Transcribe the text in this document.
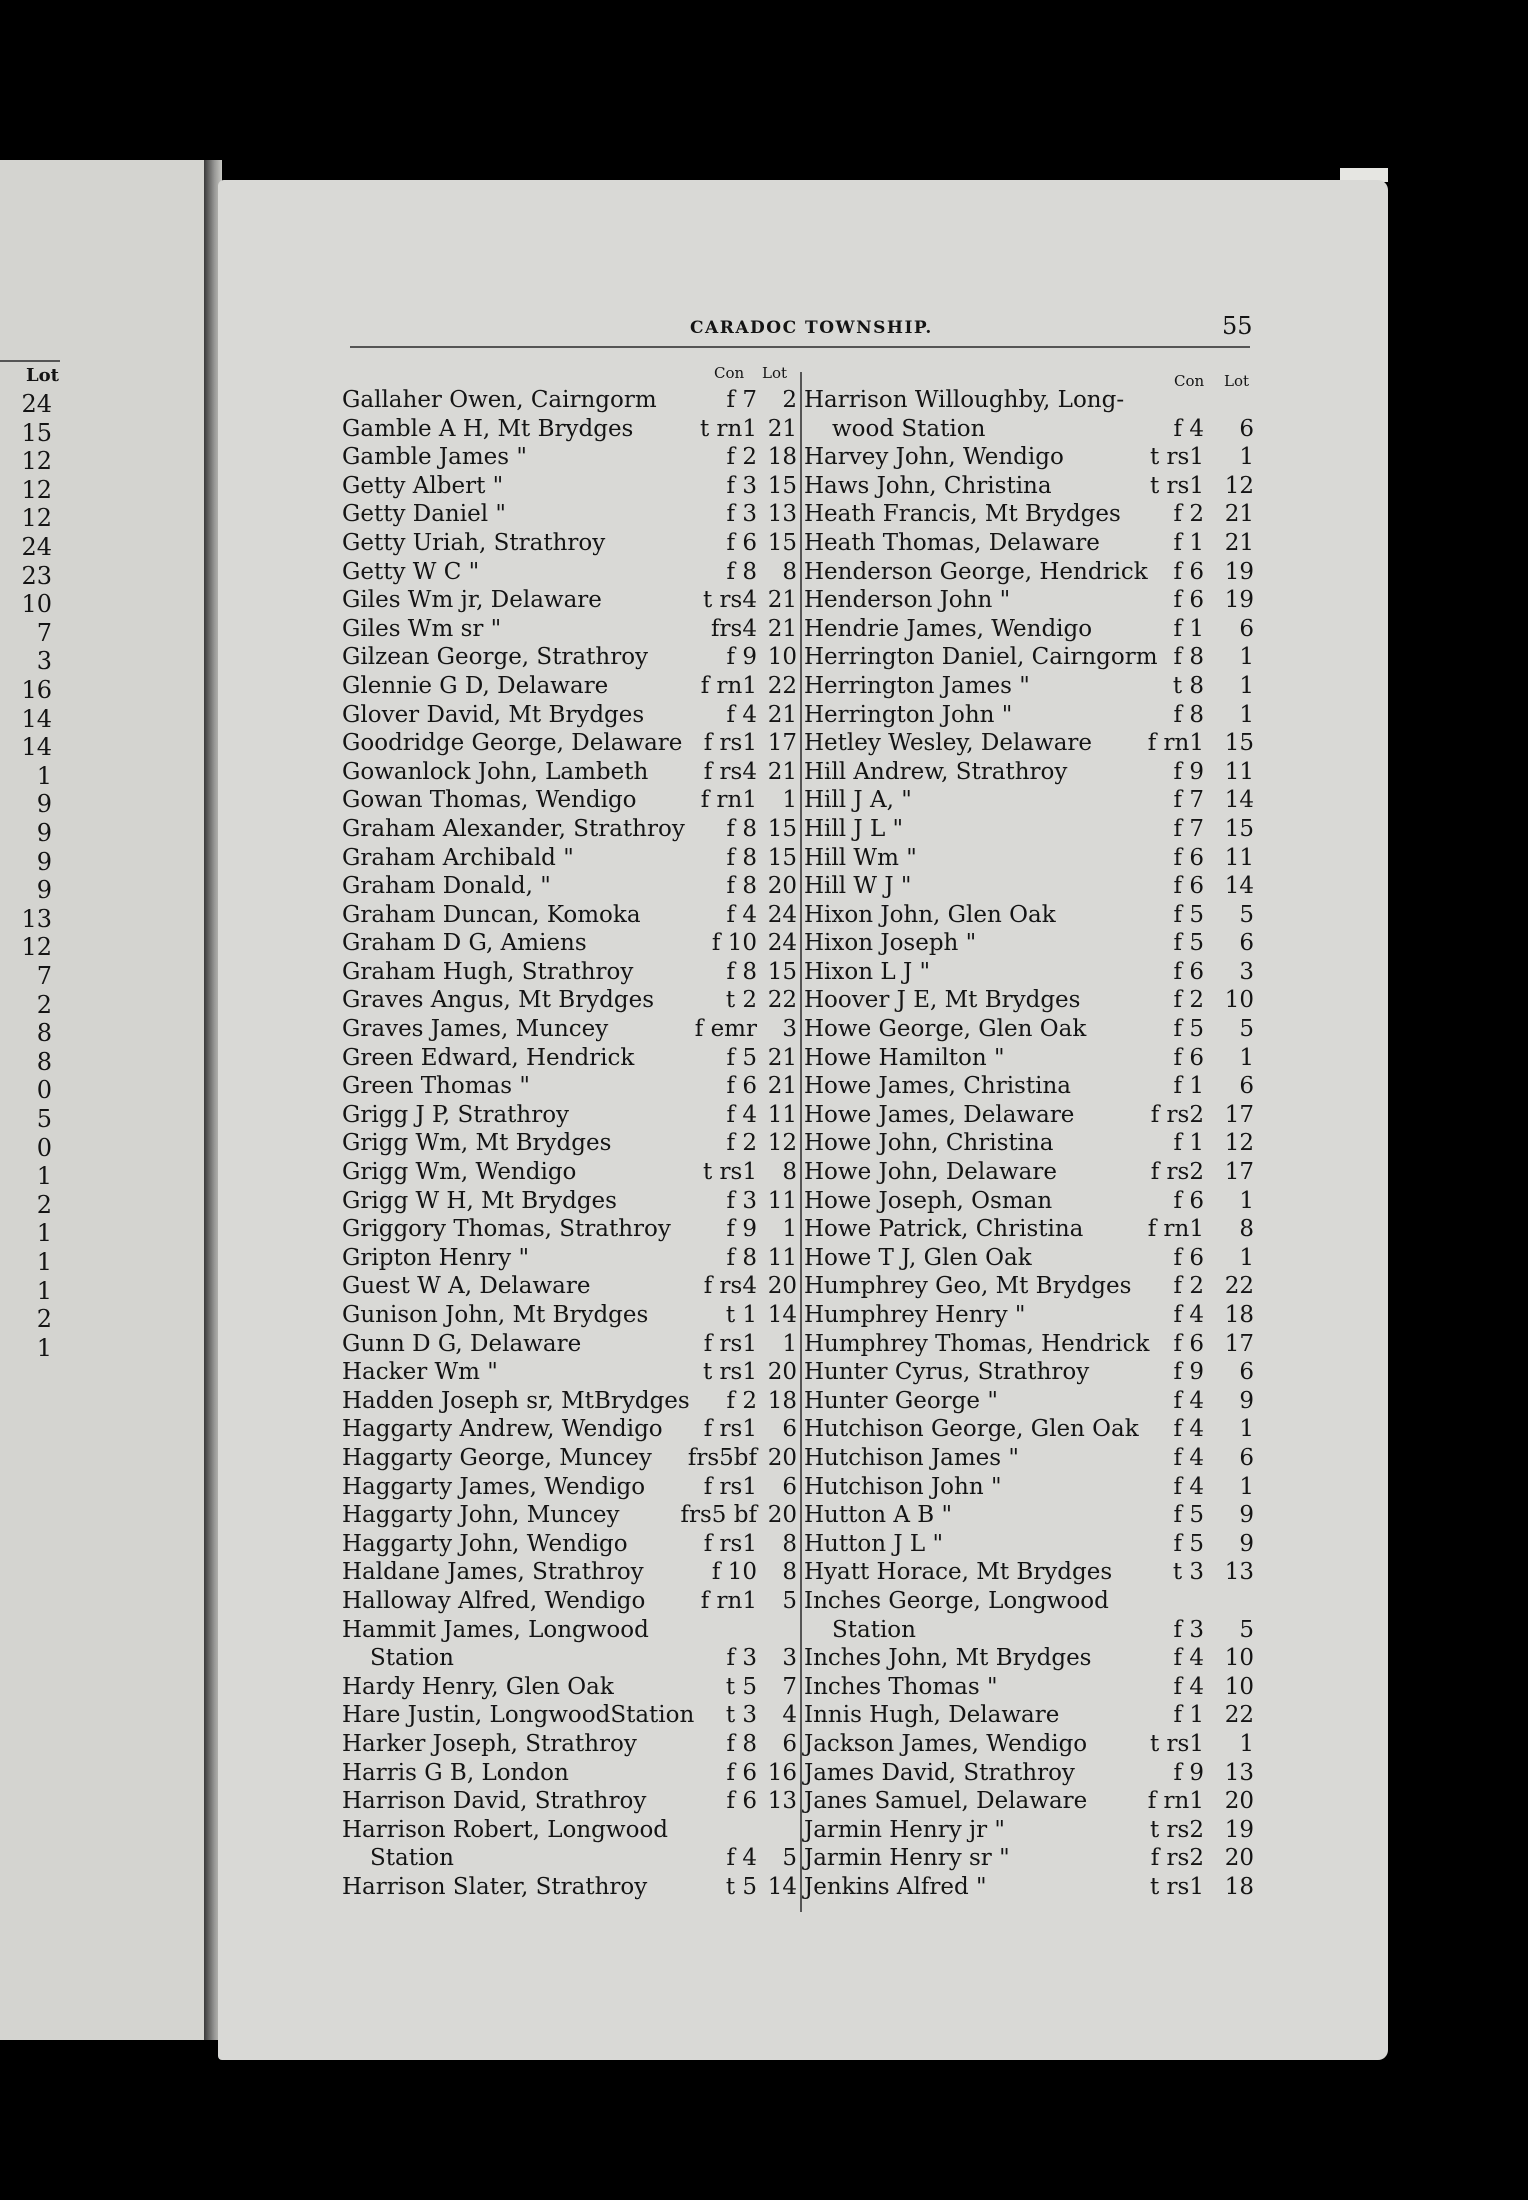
Lot
24
15
12
12
12
24
23
10
7
3
16
14
14
1
9
9
9
9
13
12
7
2
8
8
0
5
0
1
2
1
1
1
2
1
CARADOC TOWNSHIP.	55
Con Lot
Gallaher Owen, Cairngorm	f 7	2
Gamble A H, Mt Brydges	t rn1 21
Gamble James "	f 2 18
Getty Albert "	f 3 15
Getty Daniel "	f 3 13
Getty Uriah, Strathroy	f 6 15
Getty W C "	f 8	8
Giles Wm jr, Delaware	t rs4 21
Giles Wm sr "	frs4 21
Gilzean George, Strathroy	f 9 10
Glennie G D, Delaware	f rn1 22
Glover David, Mt Brydges	f 4 21
Goodridge George, Delaware f rs1 17
Gowanlock John, Lambeth	f rs4 21
Gowan Thomas, Wendigo	f rn1	1
Graham Alexander, Strathroy	f 8 15
Graham Archibald "	f 8 15
Graham Donald, "	f 8 20
Graham Duncan, Komoka	f 4 24
Graham D G, Amiens	f 10 24
Graham Hugh, Strathroy	f 8 15
Graves Angus, Mt Brydges	t 2 22
Graves James, Muncey	f emr	3
Green Edward, Hendrick	f 5 21
Green Thomas "	f 6 21
Grigg J P, Strathroy	f 4 11
Grigg Wm, Mt Brydges	f 2 12
Grigg Wm, Wendigo	t rs1	8
Grigg W H, Mt Brydges	f 3 11
Griggory Thomas, Strathroy	f 9	1
Gripton Henry "	f 8 11
Guest W A, Delaware	f rs4 20
Gunison John, Mt Brydges	t 1 14
Gunn D G, Delaware	f rs1	1
Hacker Wm "	t rs1 20
Hadden Joseph sr, MtBrydges	f 2 18
Haggarty Andrew, Wendigo	f rs1	6
Haggarty George, Muncey	frs5bf 20
Haggarty James, Wendigo	f rs1	6
Haggarty John, Muncey	frs5 bf 20
Haggarty John, Wendigo	f rs1	8
Haldane James, Strathroy	f 10	8
Halloway Alfred, Wendigo	f rn1	5
Hammit James, Longwood
Station	f 3	3
Hardy Henry, Glen Oak	t 5	7
Hare Justin, LongwoodStation	t 3	4
Harker Joseph, Strathroy	f 8	6
Harris G B, London	f 6 16
Harrison David, Strathroy	f 6 13
Harrison Robert, Longwood
Station	f 4	5
Harrison Slater, Strathroy	t 5 14
Con Lot
Harrison Willoughby, Long-
wood Station	f 4	6
Harvey John, Wendigo	t rs1	1
Haws John, Christina	t rs1 12
Heath Francis, Mt Brydges	f 2 21
Heath Thomas, Delaware	f 1 21
Henderson George, Hendrick	f 6 19
Henderson John "	f 6 19
Hendrie James, Wendigo	f 1	6
Herrington Daniel, Cairngorm f 8	1
Herrington James "	t 8	1
Herrington John "	f 8	1
Hetley Wesley, Delaware	f rn1 15
Hill Andrew, Strathroy	f 9 11
Hill J A, "	f 7 14
Hill J L "	f 7 15
Hill Wm "	f 6 11
Hill W J "	f 6 14
Hixon John, Glen Oak	f 5	5
Hixon Joseph "	f 5	6
Hixon L J "	f 6	3
Hoover J E, Mt Brydges	f 2 10
Howe George, Glen Oak	f 5	5
Howe Hamilton "	f 6	1
Howe James, Christina	f 1	6
Howe James, Delaware	f rs2 17
Howe John, Christina	f 1 12
Howe John, Delaware	f rs2 17
Howe Joseph, Osman	f 6	1
Howe Patrick, Christina	f rn1	8
Howe T J, Glen Oak	f 6	1
Humphrey Geo, Mt Brydges	f 2 22
Humphrey Henry "	f 4 18
Humphrey Thomas, Hendrick	f 6 17
Hunter Cyrus, Strathroy	f 9	6
Hunter George "	f 4	9
Hutchison George, Glen Oak	f 4	1
Hutchison James "	f 4	6
Hutchison John "	f 4	1
Hutton A B "	f 5	9
Hutton J L "	f 5	9
Hyatt Horace, Mt Brydges	t 3 13
Inches George, Longwood
Station	f 3	5
Inches John, Mt Brydges	f 4 10
Inches Thomas "	f 4 10
Innis Hugh, Delaware	f 1 22
Jackson James, Wendigo	t rs1	1
James David, Strathroy	f 9 13
Janes Samuel, Delaware	f rn1 20
Jarmin Henry jr "	t rs2 19
Jarmin Henry sr "	f rs2 20
Jenkins Alfred "	t rs1 18
